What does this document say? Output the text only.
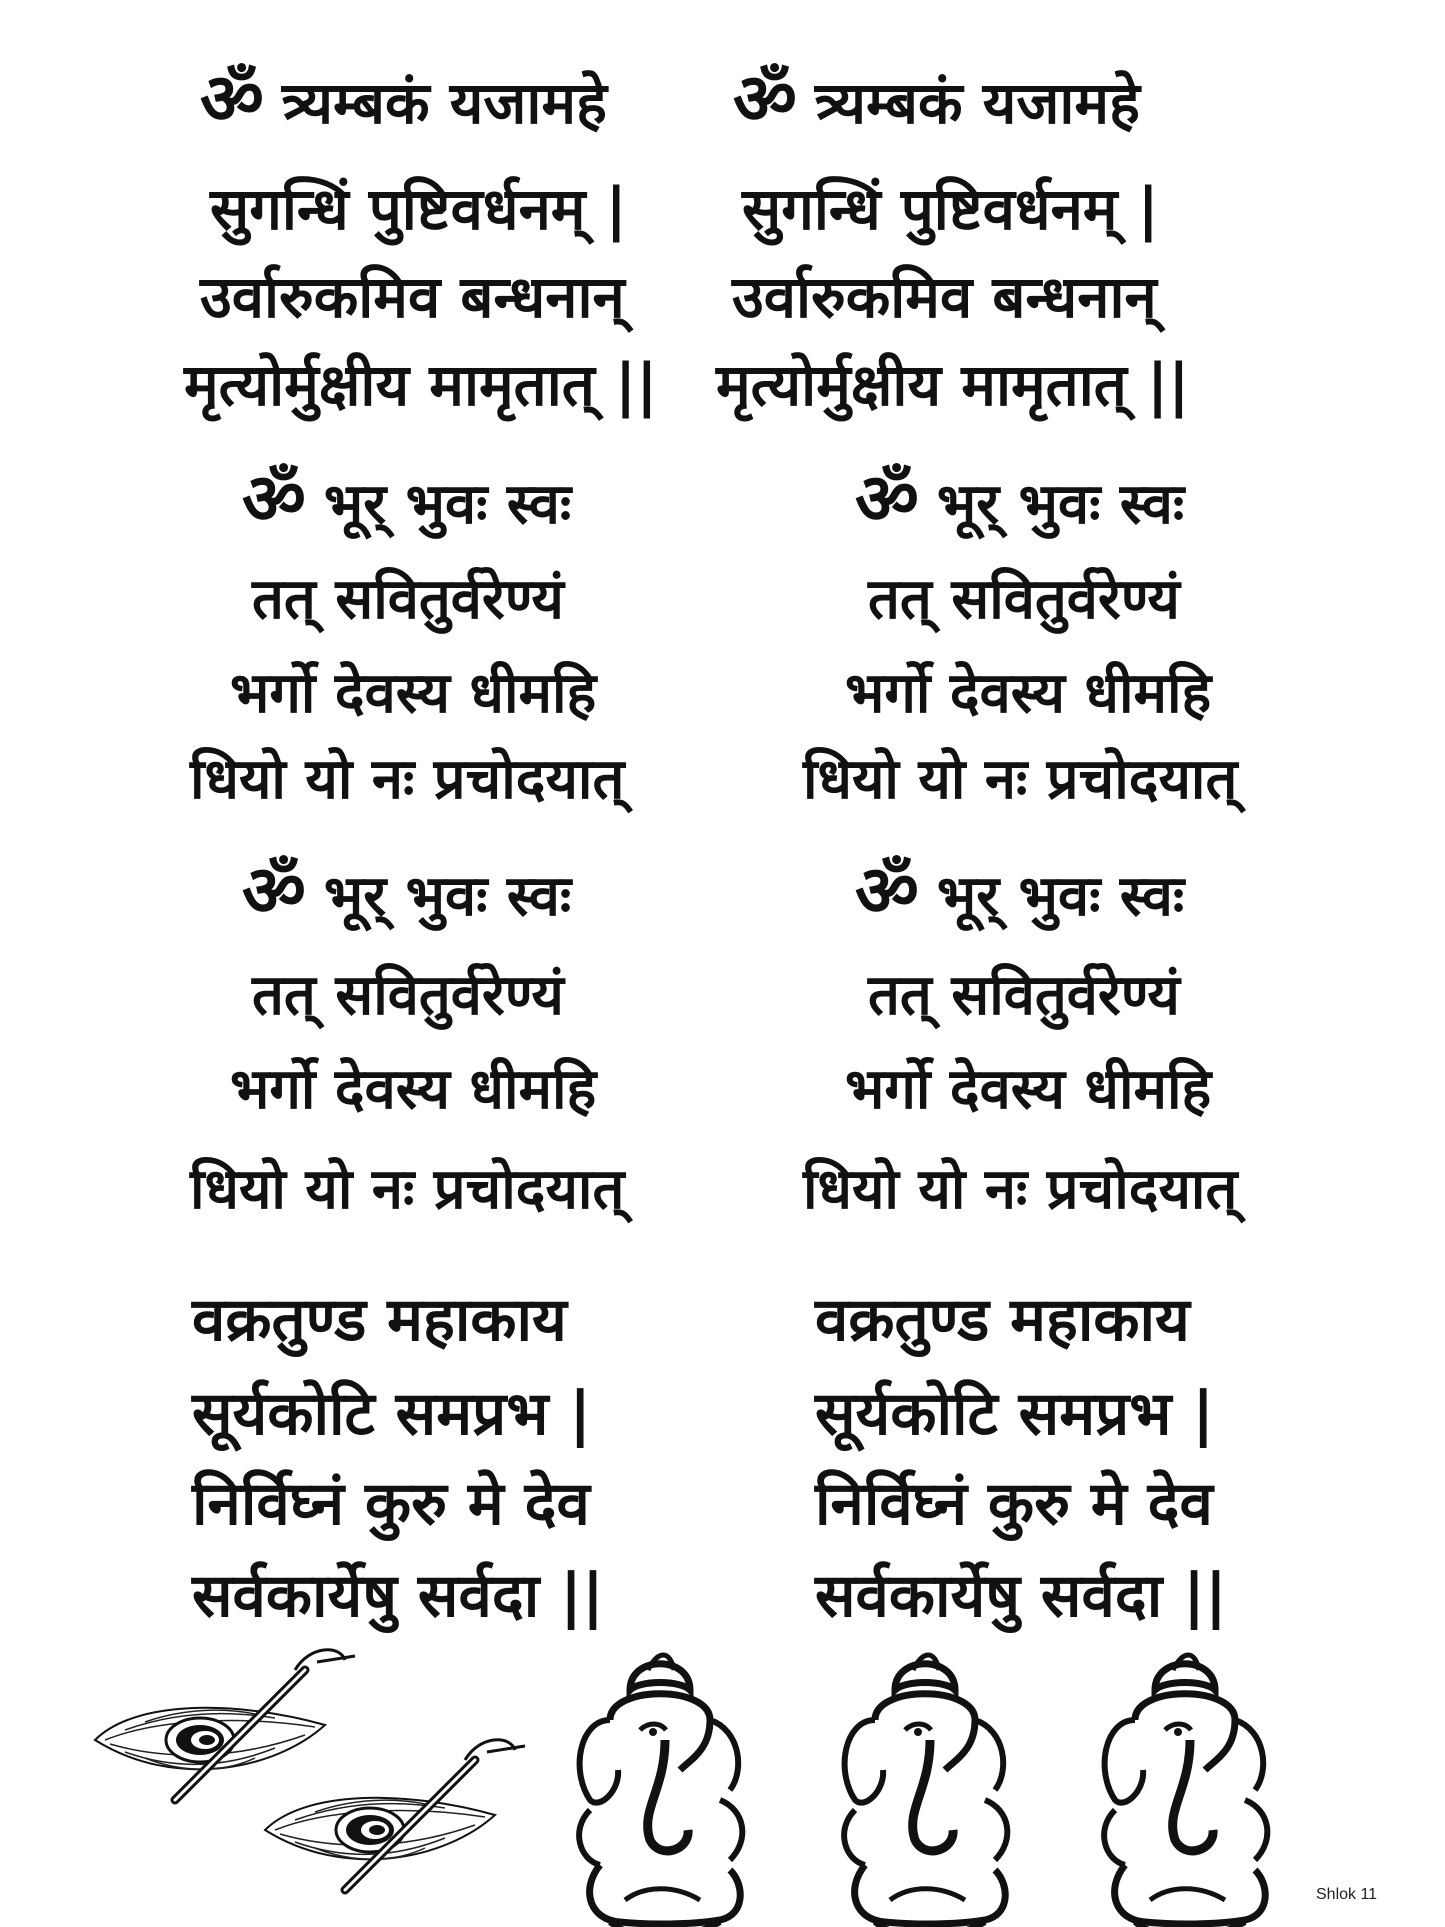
ॐ त्र्यम्बकं यजामहे
सुगन्धिं पुष्टिवर्धनम् |
उर्वारुकमिव बन्धनान्
मृत्योर्मुक्षीय मामृतात् ||
ॐ त्र्यम्बकं यजामहे
सुगन्धिं पुष्टिवर्धनम् |
उर्वारुकमिव बन्धनान्
मृत्योर्मुक्षीय मामृतात् ||
ॐ भूर् भुवः स्वः
तत् सवितुर्वरेण्यं
भर्गो देवस्य धीमहि
धियो यो नः प्रचोदयात्
ॐ भूर् भुवः स्वः
तत् सवितुर्वरेण्यं
भर्गो देवस्य धीमहि
धियो यो नः प्रचोदयात्
ॐ भूर् भुवः स्वः
तत् सवितुर्वरेण्यं
भर्गो देवस्य धीमहि
धियो यो नः प्रचोदयात्
ॐ भूर् भुवः स्वः
तत् सवितुर्वरेण्यं
भर्गो देवस्य धीमहि
धियो यो नः प्रचोदयात्
वक्रतुण्ड महाकाय
सूर्यकोटि समप्रभ |
निर्विघ्नं कुरु मे देव
सर्वकार्येषु सर्वदा ||
वक्रतुण्ड महाकाय
सूर्यकोटि समप्रभ |
निर्विघ्नं कुरु मे देव
सर्वकार्येषु सर्वदा ||
Shlok 11
